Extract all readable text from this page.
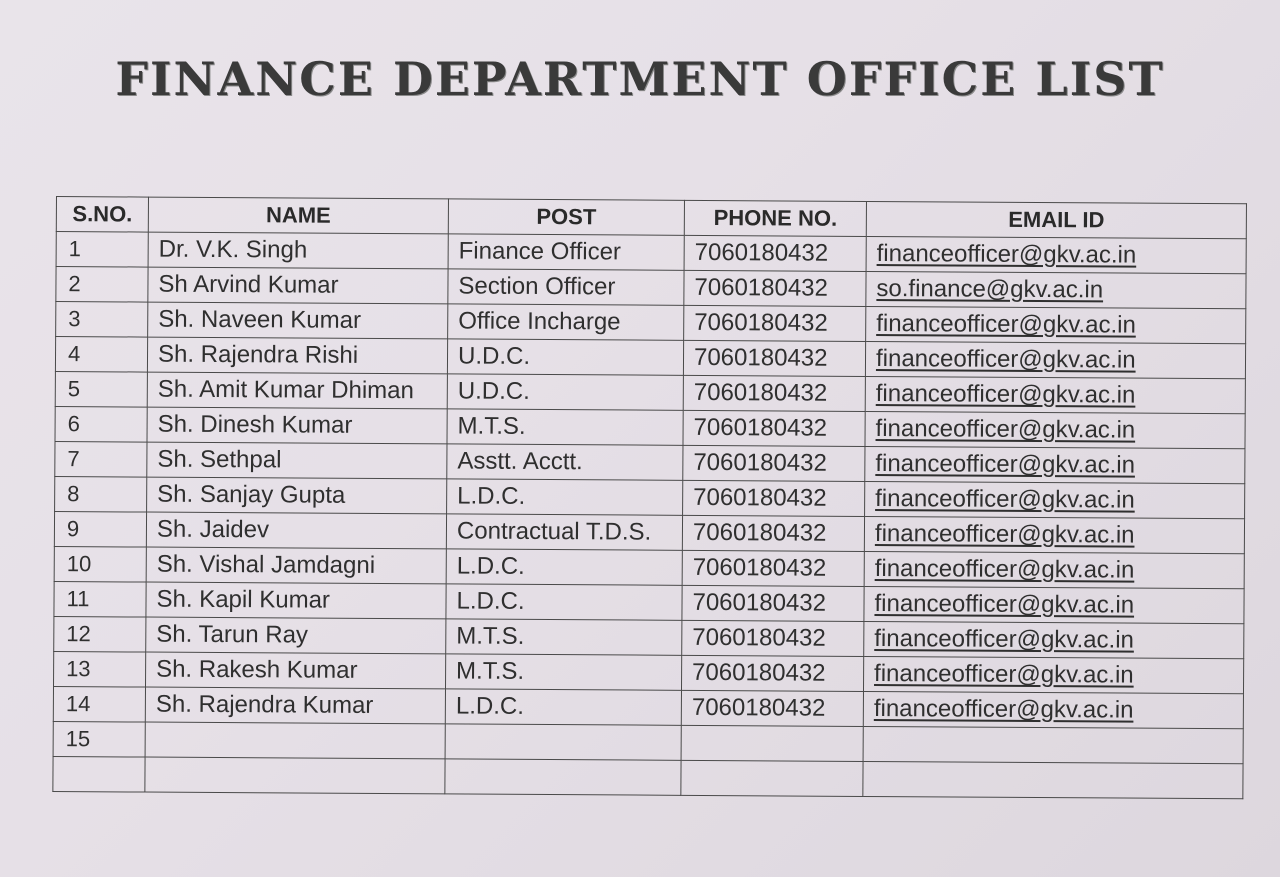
FINANCE DEPARTMENT OFFICE LIST
S.NO.	NAME	POST	PHONE NO.	EMAIL ID
1	Dr. V.K. Singh	Finance Officer	7060180432	financeofficer@gkv.ac.in
2	Sh Arvind Kumar	Section Officer	7060180432	so.finance@gkv.ac.in
3	Sh. Naveen Kumar	Office Incharge	7060180432	financeofficer@gkv.ac.in
4	Sh. Rajendra Rishi	U.D.C.	7060180432	financeofficer@gkv.ac.in
5	Sh. Amit Kumar Dhiman	U.D.C.	7060180432	financeofficer@gkv.ac.in
6	Sh. Dinesh Kumar	M.T.S.	7060180432	financeofficer@gkv.ac.in
7	Sh. Sethpal	Asstt. Acctt.	7060180432	financeofficer@gkv.ac.in
8	Sh. Sanjay Gupta	L.D.C.	7060180432	financeofficer@gkv.ac.in
9	Sh. Jaidev	Contractual T.D.S.	7060180432	financeofficer@gkv.ac.in
10	Sh. Vishal Jamdagni	L.D.C.	7060180432	financeofficer@gkv.ac.in
11	Sh. Kapil Kumar	L.D.C.	7060180432	financeofficer@gkv.ac.in
12	Sh. Tarun Ray	M.T.S.	7060180432	financeofficer@gkv.ac.in
13	Sh. Rakesh Kumar	M.T.S.	7060180432	financeofficer@gkv.ac.in
14	Sh. Rajendra Kumar	L.D.C.	7060180432	financeofficer@gkv.ac.in
15				
